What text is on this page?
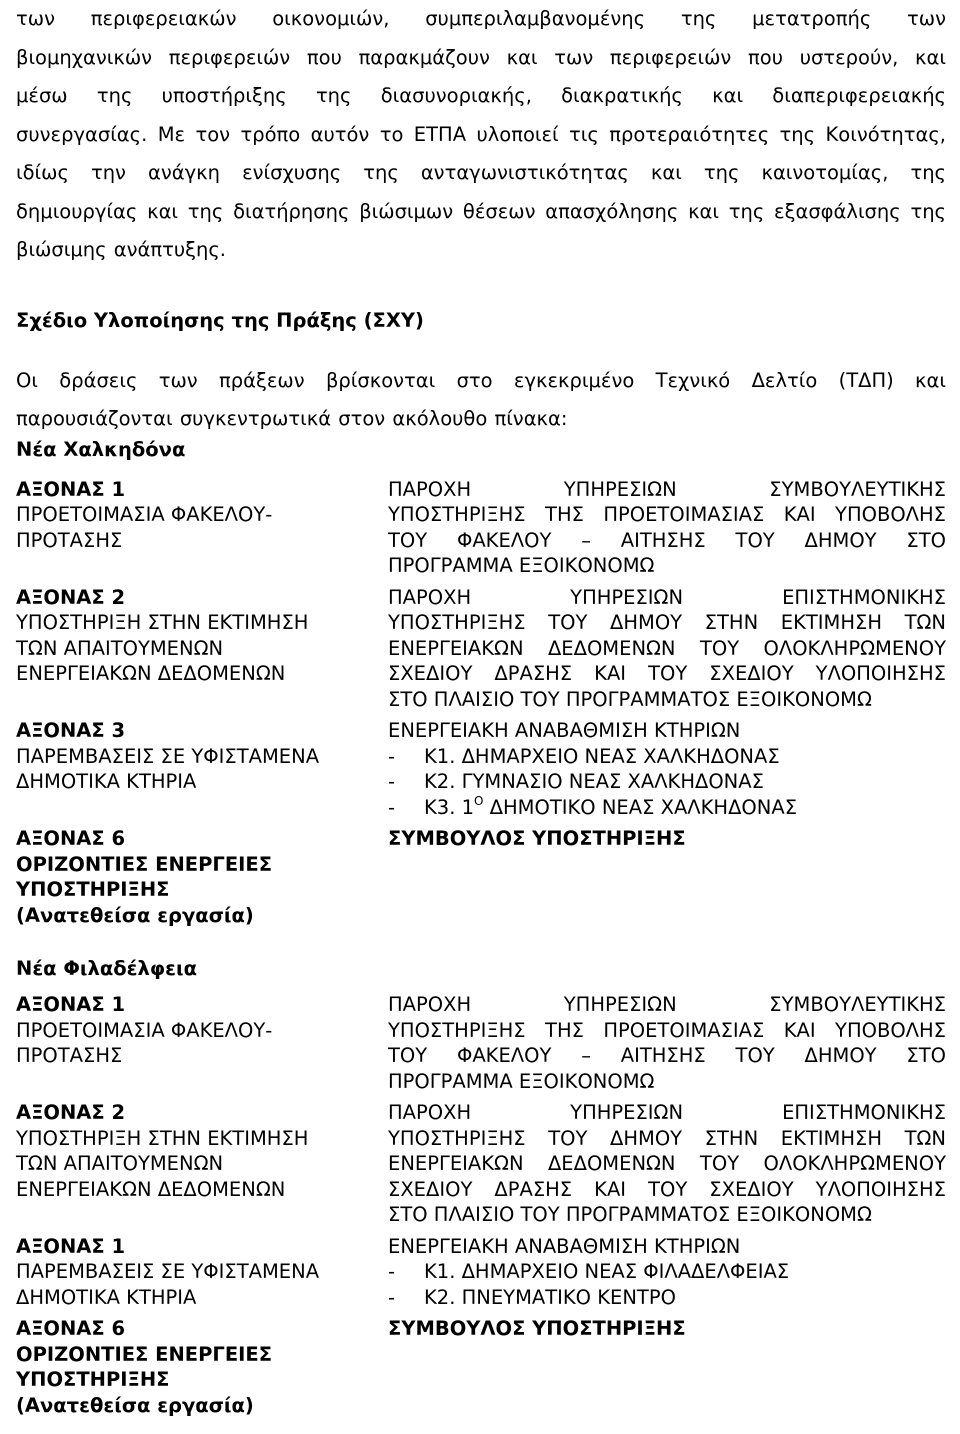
των περιφερειακών οικονομιών, συμπεριλαμβανομένης της μετατροπής των
βιομηχανικών περιφερειών που παρακμάζουν και των περιφερειών που υστερούν, και
μέσω της υποστήριξης της διασυνοριακής, διακρατικής και διαπεριφερειακής
συνεργασίας. Με τον τρόπο αυτόν το ΕΤΠΑ υλοποιεί τις προτεραιότητες της Κοινότητας,
ιδίως την ανάγκη ενίσχυσης της ανταγωνιστικότητας και της καινοτομίας, της
δημιουργίας και της διατήρησης βιώσιμων θέσεων απασχόλησης και της εξασφάλισης της
βιώσιμης ανάπτυξης.
Σχέδιο Υλοποίησης της Πράξης (ΣΧΥ)
Οι δράσεις των πράξεων βρίσκονται στο εγκεκριμένο Τεχνικό Δελτίο (ΤΔΠ) και
παρουσιάζονται συγκεντρωτικά στον ακόλουθο πίνακα:
Νέα Χαλκηδόνα
ΑΞΟΝΑΣ 1
ΠΡΟΕΤΟΙΜΑΣΙΑ ΦΑΚΕΛΟΥ-
ΠΡΟΤΑΣΗΣ
ΠΑΡΟΧΗ ΥΠΗΡΕΣΙΩΝ ΣΥΜΒΟΥΛΕΥΤΙΚΗΣ
ΥΠΟΣΤΗΡΙΞΗΣ ΤΗΣ ΠΡΟΕΤΟΙΜΑΣΙΑΣ ΚΑΙ ΥΠΟΒΟΛΗΣ
ΤΟΥ ΦΑΚΕΛΟΥ – ΑΙΤΗΣΗΣ ΤΟΥ ΔΗΜΟΥ ΣΤΟ
ΠΡΟΓΡΑΜΜΑ ΕΞΟΙΚΟΝΟΜΩ
ΑΞΟΝΑΣ 2
ΥΠΟΣΤΗΡΙΞΗ ΣΤΗΝ ΕΚΤΙΜΗΣΗ
ΤΩΝ ΑΠΑΙΤΟΥΜΕΝΩΝ
ΕΝΕΡΓΕΙΑΚΩΝ ΔΕΔΟΜΕΝΩΝ
ΠΑΡΟΧΗ ΥΠΗΡΕΣΙΩΝ ΕΠΙΣΤΗΜΟΝΙΚΗΣ
ΥΠΟΣΤΗΡΙΞΗΣ ΤΟΥ ΔΗΜΟΥ ΣΤΗΝ ΕΚΤΙΜΗΣΗ ΤΩΝ
ΕΝΕΡΓΕΙΑΚΩΝ ΔΕΔΟΜΕΝΩΝ ΤΟΥ ΟΛΟΚΛΗΡΩΜΕΝΟΥ
ΣΧΕΔΙΟΥ ΔΡΑΣΗΣ ΚΑΙ ΤΟΥ ΣΧΕΔΙΟΥ ΥΛΟΠΟΙΗΣΗΣ
ΣΤΟ ΠΛΑΙΣΙΟ ΤΟΥ ΠΡΟΓΡΑΜΜΑΤΟΣ ΕΞΟΙΚΟΝΟΜΩ
ΑΞΟΝΑΣ 3
ΠΑΡΕΜΒΑΣΕΙΣ ΣΕ ΥΦΙΣΤΑΜΕΝΑ
ΔΗΜΟΤΙΚΑ ΚΤΗΡΙΑ
ΕΝΕΡΓΕΙΑΚΗ ΑΝΑΒΑΘΜΙΣΗ ΚΤΗΡΙΩΝ
- Κ1. ΔΗΜΑΡΧΕΙΟ ΝΕΑΣ ΧΑΛΚΗΔΟΝΑΣ
- Κ2. ΓΥΜΝΑΣΙΟ ΝΕΑΣ ΧΑΛΚΗΔΟΝΑΣ
- Κ3. $1^O$ ΔΗΜΟΤΙΚΟ ΝΕΑΣ ΧΑΛΚΗΔΟΝΑΣ
ΑΞΟΝΑΣ 6
ΟΡΙΖΟΝΤΙΕΣ ΕΝΕΡΓΕΙΕΣ
ΥΠΟΣΤΗΡΙΞΗΣ
(Ανατεθείσα εργασία)
ΣΥΜΒΟΥΛΟΣ ΥΠΟΣΤΗΡΙΞΗΣ
Νέα Φιλαδέλφεια
ΑΞΟΝΑΣ 1
ΠΡΟΕΤΟΙΜΑΣΙΑ ΦΑΚΕΛΟΥ-
ΠΡΟΤΑΣΗΣ
ΠΑΡΟΧΗ ΥΠΗΡΕΣΙΩΝ ΣΥΜΒΟΥΛΕΥΤΙΚΗΣ
ΥΠΟΣΤΗΡΙΞΗΣ ΤΗΣ ΠΡΟΕΤΟΙΜΑΣΙΑΣ ΚΑΙ ΥΠΟΒΟΛΗΣ
ΤΟΥ ΦΑΚΕΛΟΥ – ΑΙΤΗΣΗΣ ΤΟΥ ΔΗΜΟΥ ΣΤΟ
ΠΡΟΓΡΑΜΜΑ ΕΞΟΙΚΟΝΟΜΩ
ΑΞΟΝΑΣ 2
ΥΠΟΣΤΗΡΙΞΗ ΣΤΗΝ ΕΚΤΙΜΗΣΗ
ΤΩΝ ΑΠΑΙΤΟΥΜΕΝΩΝ
ΕΝΕΡΓΕΙΑΚΩΝ ΔΕΔΟΜΕΝΩΝ
ΠΑΡΟΧΗ ΥΠΗΡΕΣΙΩΝ ΕΠΙΣΤΗΜΟΝΙΚΗΣ
ΥΠΟΣΤΗΡΙΞΗΣ ΤΟΥ ΔΗΜΟΥ ΣΤΗΝ ΕΚΤΙΜΗΣΗ ΤΩΝ
ΕΝΕΡΓΕΙΑΚΩΝ ΔΕΔΟΜΕΝΩΝ ΤΟΥ ΟΛΟΚΛΗΡΩΜΕΝΟΥ
ΣΧΕΔΙΟΥ ΔΡΑΣΗΣ ΚΑΙ ΤΟΥ ΣΧΕΔΙΟΥ ΥΛΟΠΟΙΗΣΗΣ
ΣΤΟ ΠΛΑΙΣΙΟ ΤΟΥ ΠΡΟΓΡΑΜΜΑΤΟΣ ΕΞΟΙΚΟΝΟΜΩ
ΑΞΟΝΑΣ 1
ΠΑΡΕΜΒΑΣΕΙΣ ΣΕ ΥΦΙΣΤΑΜΕΝΑ
ΔΗΜΟΤΙΚΑ ΚΤΗΡΙΑ
ΕΝΕΡΓΕΙΑΚΗ ΑΝΑΒΑΘΜΙΣΗ ΚΤΗΡΙΩΝ
- Κ1. ΔΗΜΑΡΧΕΙΟ ΝΕΑΣ ΦΙΛΑΔΕΛΦΕΙΑΣ
- Κ2. ΠΝΕΥΜΑΤΙΚΟ ΚΕΝΤΡΟ
ΑΞΟΝΑΣ 6
ΟΡΙΖΟΝΤΙΕΣ ΕΝΕΡΓΕΙΕΣ
ΥΠΟΣΤΗΡΙΞΗΣ
(Ανατεθείσα εργασία)
ΣΥΜΒΟΥΛΟΣ ΥΠΟΣΤΗΡΙΞΗΣ
